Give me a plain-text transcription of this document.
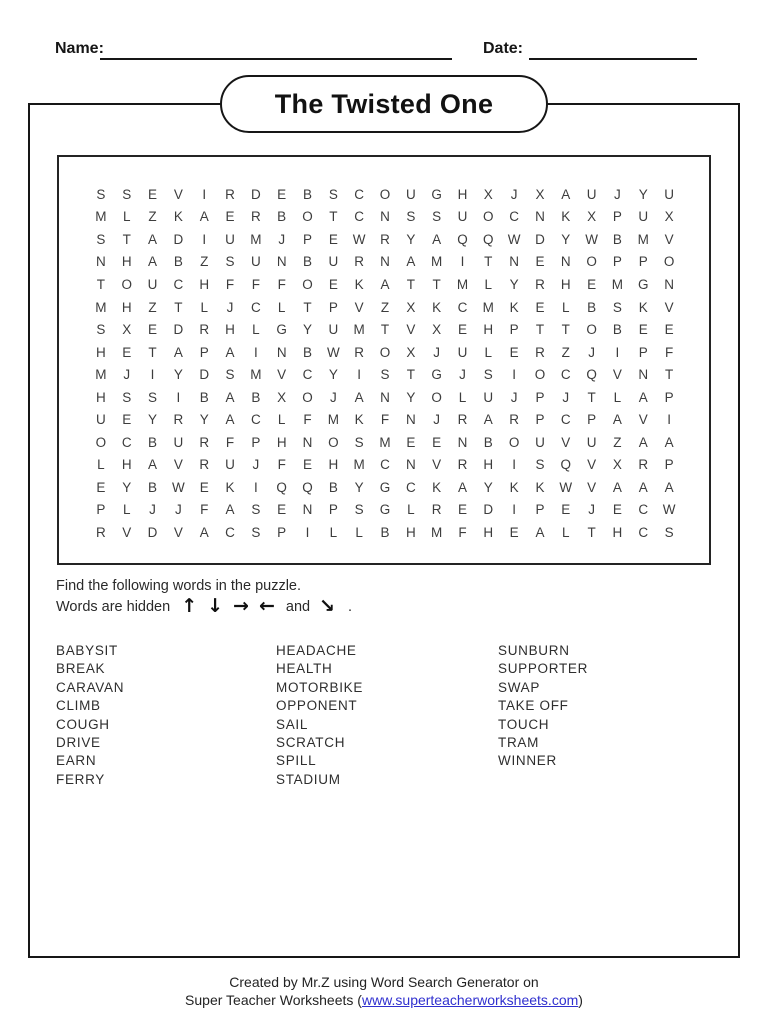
Name:	Date:
The Twisted One
S	S	E	V	I	R	D	E	B	S	C	O	U	G	H	X	J	X	A	U	J	Y	U
M	L	Z	K	A	E	R	B	O	T	C	N	S	S	U	O	C	N	K	X	P	U	X
S	T	A	D	I	U	M	J	P	E	W	R	Y	A	Q	Q	W	D	Y	W	B	M	V
N	H	A	B	Z	S	U	N	B	U	R	N	A	M	I	T	N	E	N	O	P	P	O
T	O	U	C	H	F	F	F	O	E	K	A	T	T	M	L	Y	R	H	E	M	G	N
M	H	Z	T	L	J	C	L	T	P	V	Z	X	K	C	M	K	E	L	B	S	K	V
S	X	E	D	R	H	L	G	Y	U	M	T	V	X	E	H	P	T	T	O	B	E	E
H	E	T	A	P	A	I	N	B	W	R	O	X	J	U	L	E	R	Z	J	I	P	F
M	J	I	Y	D	S	M	V	C	Y	I	S	T	G	J	S	I	O	C	Q	V	N	T
H	S	S	I	B	A	B	X	O	J	A	N	Y	O	L	U	J	P	J	T	L	A	P
U	E	Y	R	Y	A	C	L	F	M	K	F	N	J	R	A	R	P	C	P	A	V	I
O	C	B	U	R	F	P	H	N	O	S	M	E	E	N	B	O	U	V	U	Z	A	A
L	H	A	V	R	U	J	F	E	H	M	C	N	V	R	H	I	S	Q	V	X	R	P
E	Y	B	W	E	K	I	Q	Q	B	Y	G	C	K	A	Y	K	K	W	V	A	A	A
P	L	J	J	F	A	S	E	N	P	S	G	L	R	E	D	I	P	E	J	E	C	W
R	V	D	V	A	C	S	P	I	L	L	B	H	M	F	H	E	A	L	T	H	C	S
Find the following words in the puzzle.
Words are hidden ↑ ↓ → ← and ↘ .
BABYSIT
BREAK
CARAVAN
CLIMB
COUGH
DRIVE
EARN
FERRY
HEADACHE
HEALTH
MOTORBIKE
OPPONENT
SAIL
SCRATCH
SPILL
STADIUM
SUNBURN
SUPPORTER
SWAP
TAKE OFF
TOUCH
TRAM
WINNER
Created by Mr.Z using Word Search Generator on
Super Teacher Worksheets (www.superteacherworksheets.com)
